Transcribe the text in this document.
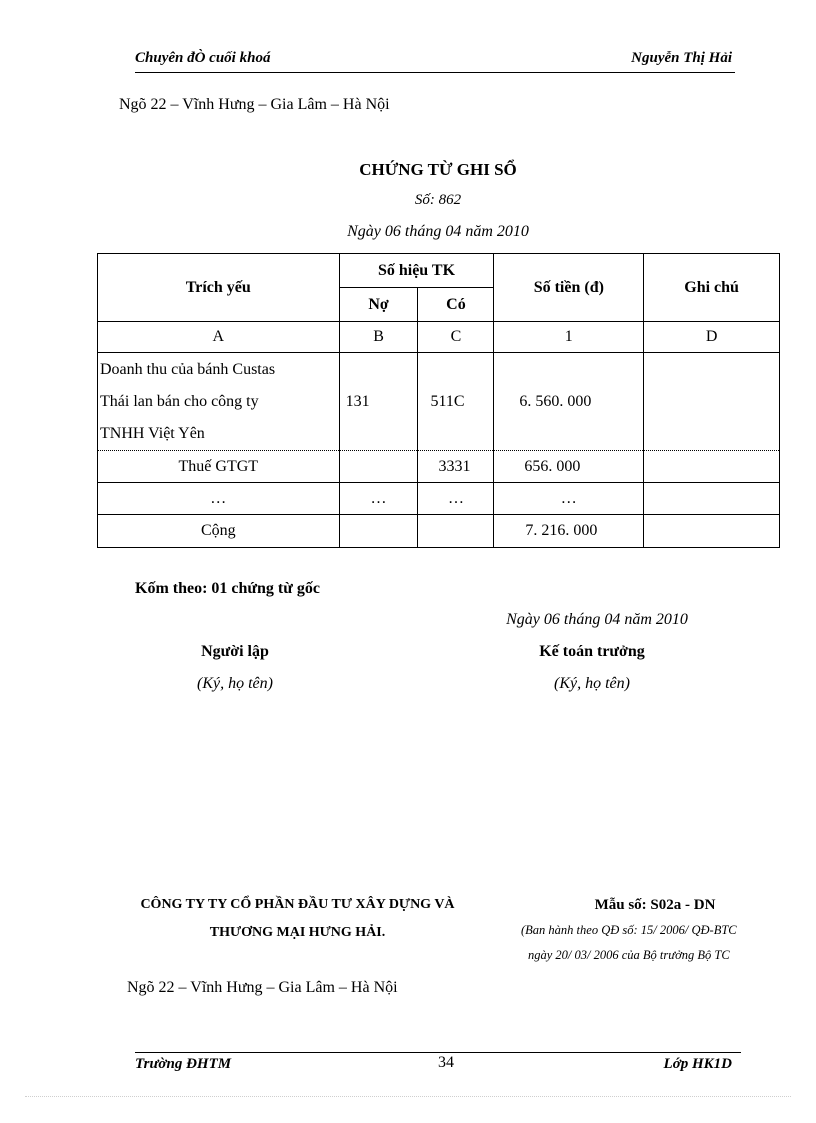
Chuyên đÒ cuối khoá	Nguyễn Thị Hải
Ngõ 22 – Vĩnh Hưng – Gia Lâm – Hà Nội
CHỨNG TỪ GHI SỔ
Số: 862
Ngày 06 tháng 04 năm 2010
Trích yếu	Số hiệu TK		Số tiền (đ)	Ghi chú
	Nợ	Có		
A	B	C	1	D

Doanh thu của bánh Custas
Thái lan bán cho công ty
TNHH Việt Yên	131	511C	6. 560. 000	
Thuế GTGT		3331	656. 000	
…	…	…	…	
Cộng			7. 216. 000	
Kốm theo: 01 chứng từ gốc
Ngày 06 tháng 04 năm 2010
Người lập
(Ký, họ tên)
Kế toán trưởng
(Ký, họ tên)
CÔNG TY TY CỔ PHẦN ĐẦU TƯ XÂY DỰNG VÀ
THƯƠNG MẠI HƯNG HẢI.
Mẫu số: S02a - DN
(Ban hành theo QĐ số: 15/ 2006/ QĐ-BTC
ngày 20/ 03/ 2006 của Bộ trưởng Bộ TC
Ngõ 22 – Vĩnh Hưng – Gia Lâm – Hà Nội
Trường ĐHTM	34	Lớp HK1D
